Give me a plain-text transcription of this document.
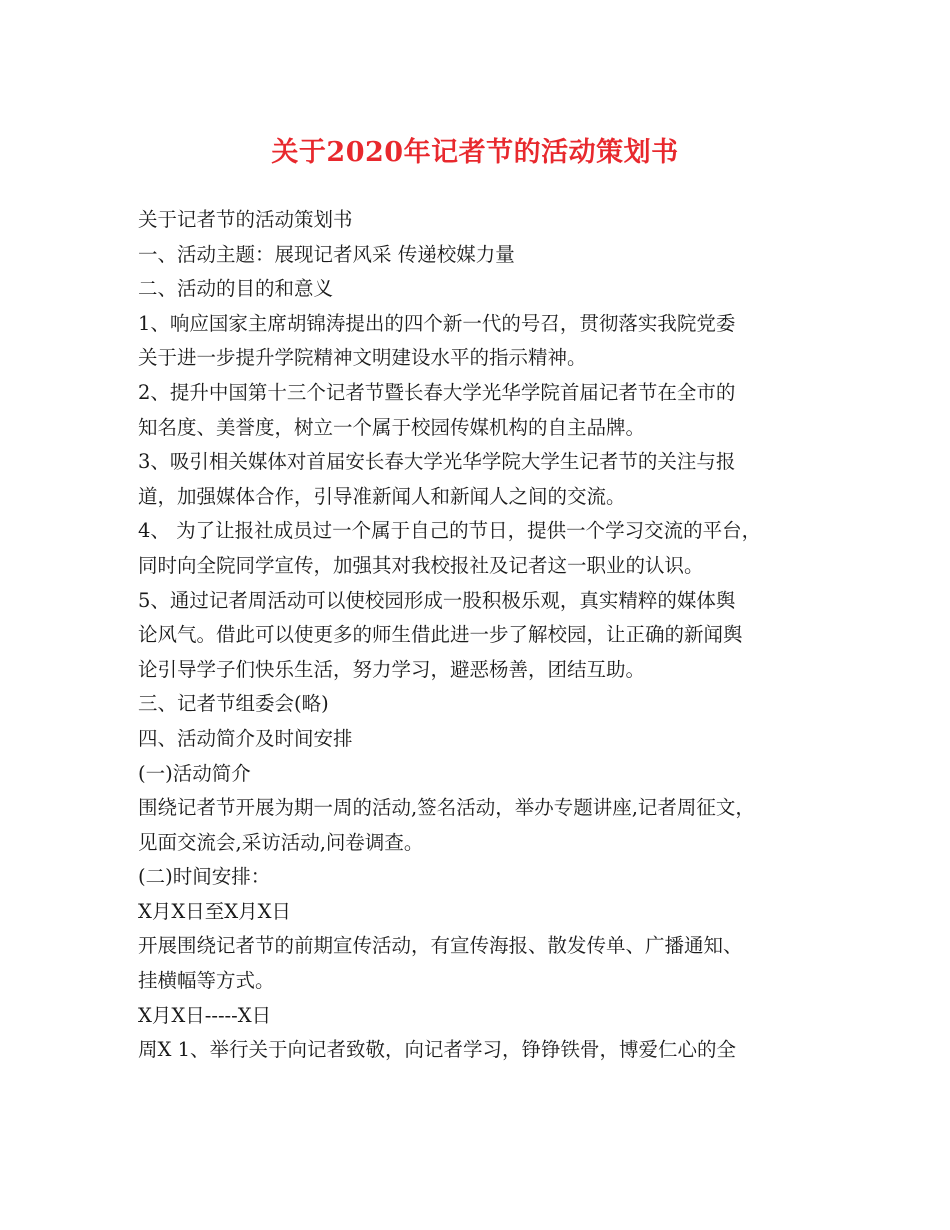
关于2020年记者节的活动策划书

关于记者节的活动策划书

一、活动主题：展现记者风采 传递校媒力量

二、活动的目的和意义

1、响应国家主席胡锦涛提出的四个新一代的号召，贯彻落实我院党委

关于进一步提升学院精神文明建设水平的指示精神。

2、提升中国第十三个记者节暨长春大学光华学院首届记者节在全市的

知名度、美誉度，树立一个属于校园传媒机构的自主品牌。

3、吸引相关媒体对首届安长春大学光华学院大学生记者节的关注与报

道，加强媒体合作，引导准新闻人和新闻人之间的交流。

4、 为了让报社成员过一个属于自己的节日，提供一个学习交流的平台，

同时向全院同学宣传，加强其对我校报社及记者这一职业的认识。

5、通过记者周活动可以使校园形成一股积极乐观，真实精粹的媒体舆

论风气。借此可以使更多的师生借此进一步了解校园，让正确的新闻舆

论引导学子们快乐生活，努力学习，避恶杨善，团结互助。

三、记者节组委会(略)

四、活动简介及时间安排

(一)活动简介

围绕记者节开展为期一周的活动,签名活动，举办专题讲座,记者周征文，

见面交流会,采访活动,问卷调查。

(二)时间安排：

X月X日至X月X日

开展围绕记者节的前期宣传活动，有宣传海报、散发传单、广播通知、

挂横幅等方式。

X月X日-----X日

周X 1、举行关于向记者致敬，向记者学习，铮铮铁骨，博爱仁心的全
